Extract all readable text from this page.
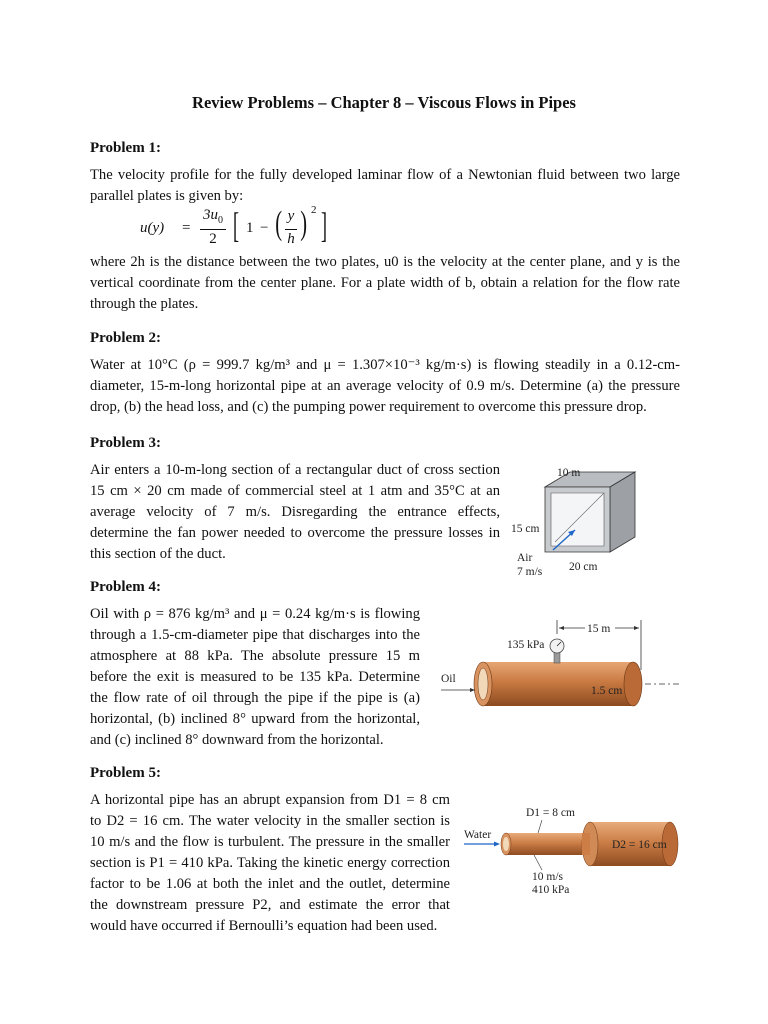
Review Problems – Chapter 8 – Viscous Flows in Pipes
Problem 1:

The velocity profile for the fully developed laminar flow of a Newtonian fluid between two large

parallel plates is given by:

u(y) =
$3u_0$
2 [ 1 − ( y
h ) 2 ]

where 2h is the distance between the two plates, u0 is the velocity at the center plane, and y is the

vertical coordinate from the center plane. For a plate width of b, obtain a relation for the flow rate

through the plates.

Problem 2:

Water at 10°C (ρ = 999.7 kg/m³ and μ = 1.307×10⁻³ kg/m·s) is flowing steadily in a 0.12-cm-

diameter, 15-m-long horizontal pipe at an average velocity of 0.9 m/s. Determine (a) the pressure

drop, (b) the head loss, and (c) the pumping power requirement to overcome this pressure drop.

Problem 3:

Air enters a 10-m-long section of a rectangular duct of cross section

15 cm × 20 cm made of commercial steel at 1 atm and 35°C at an

average velocity of 7 m/s. Disregarding the entrance effects,

determine the fan power needed to overcome the pressure losses in

this section of the duct.

10 m
15 cm
Air
7 m/s 20 cm
Problem 4:

Oil with ρ = 876 kg/m³ and μ = 0.24 kg/m·s is flowing

through a 1.5-cm-diameter pipe that discharges into the

atmosphere at 88 kPa. The absolute pressure 15 m

before the exit is measured to be 135 kPa. Determine

the flow rate of oil through the pipe if the pipe is (a)

horizontal, (b) inclined 8° upward from the horizontal,

and (c) inclined 8° downward from the horizontal.

15 m
135 kPa
1.5 cm
Oil
Problem 5:

A horizontal pipe has an abrupt expansion from D1 = 8 cm

to D2 = 16 cm. The water velocity in the smaller section is

10 m/s and the flow is turbulent. The pressure in the smaller

section is P1 = 410 kPa. Taking the kinetic energy correction

factor to be 1.06 at both the inlet and the outlet, determine

the downstream pressure P2, and estimate the error that

would have occurred if Bernoulli’s equation had been used.

D1 = 8 cm
D2 = 16 cm
Water
10 m/s
410 kPa
